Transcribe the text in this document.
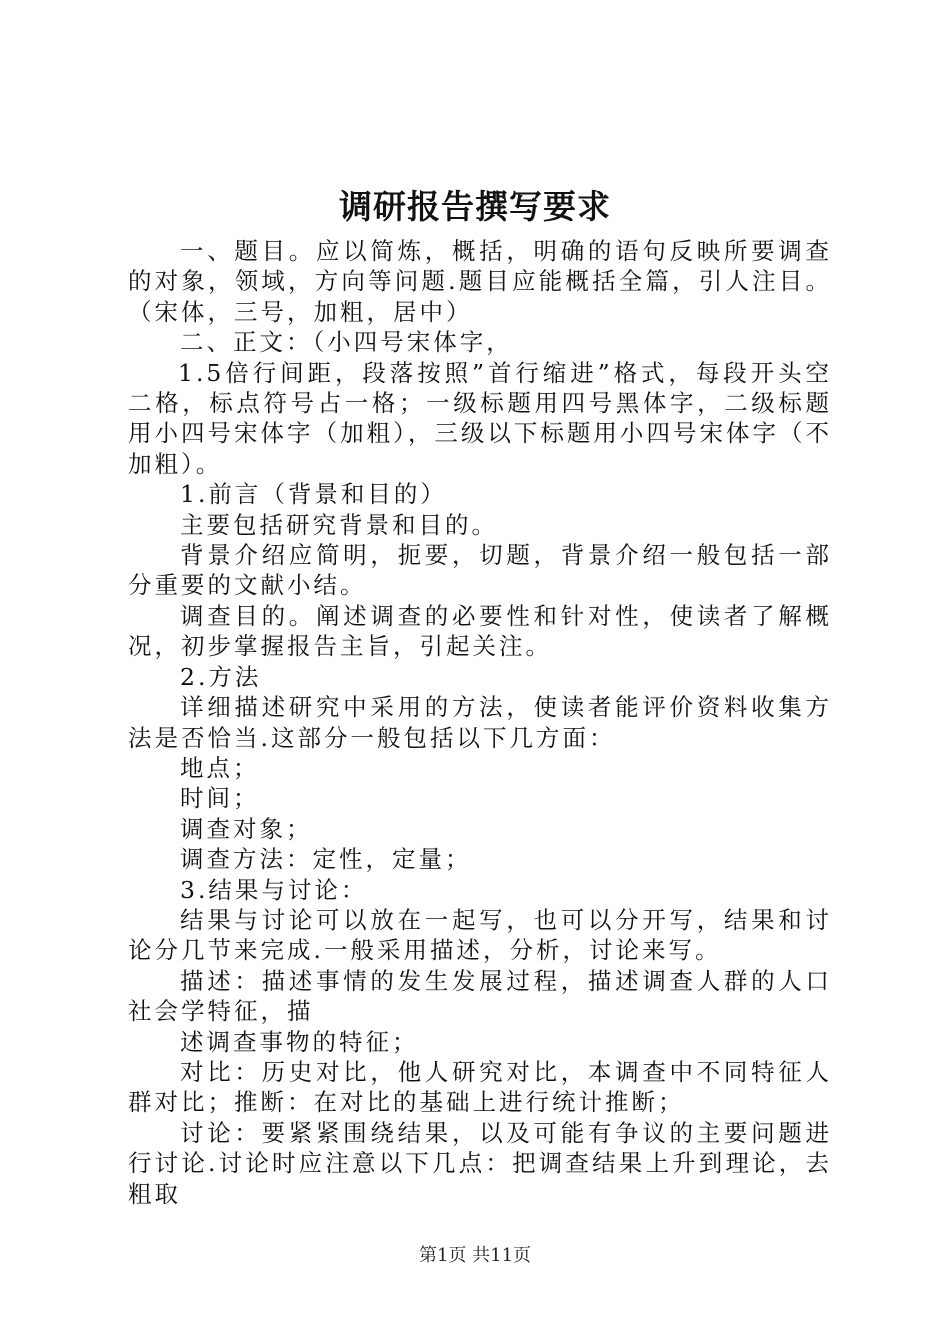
调研报告撰写要求

一、题目。应以简炼，概括，明确的语句反映所要调查的对象，领域，方向等问题.题目应能概括全篇，引人注目。（宋体，三号，加粗，居中）

二、正文：（小四号宋体字，

1.5倍行间距，段落按照”首行缩进”格式，每段开头空二格，标点符号占一格；一级标题用四号黑体字，二级标题用小四号宋体字（加粗），三级以下标题用小四号宋体字（不加粗）。

1.前言（背景和目的）

主要包括研究背景和目的。

背景介绍应简明，扼要，切题，背景介绍一般包括一部分重要的文献小结。

调查目的。阐述调查的必要性和针对性，使读者了解概况，初步掌握报告主旨，引起关注。

2.方法

详细描述研究中采用的方法，使读者能评价资料收集方法是否恰当.这部分一般包括以下几方面：

地点；

时间；

调查对象；

调查方法：定性，定量；

3.结果与讨论：

结果与讨论可以放在一起写，也可以分开写，结果和讨论分几节来完成.一般采用描述，分析，讨论来写。

描述：描述事情的发生发展过程，描述调查人群的人口社会学特征，描

述调查事物的特征；

对比：历史对比，他人研究对比，本调查中不同特征人群对比；推断：在对比的基础上进行统计推断；

讨论：要紧紧围绕结果，以及可能有争议的主要问题进行讨论.讨论时应注意以下几点：把调查结果上升到理论，去粗取

第1页 共11页
